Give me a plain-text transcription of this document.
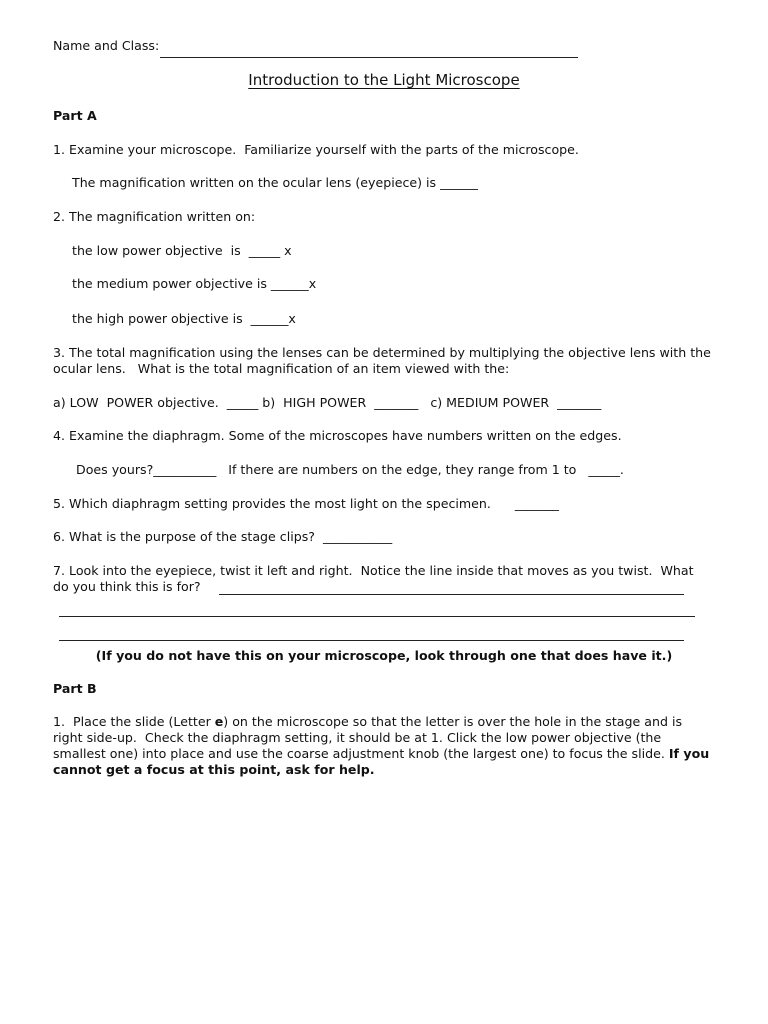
Name and Class:
Introduction to the Light Microscope
Part A
1. Examine your microscope.  Familiarize yourself with the parts of the microscope.
The magnification written on the ocular lens (eyepiece) is ______
2. The magnification written on:
the low power objective  is  _____ x
the medium power objective is ______x
the high power objective is  ______x
3. The total magnification using the lenses can be determined by multiplying the objective lens with the
ocular lens.   What is the total magnification of an item viewed with the:
a) LOW  POWER objective.  _____ b)  HIGH POWER  _______   c) MEDIUM POWER  _______
4. Examine the diaphragm. Some of the microscopes have numbers written on the edges.
Does yours?__________   If there are numbers on the edge, they range from 1 to   _____.
5. Which diaphragm setting provides the most light on the specimen.      _______
6. What is the purpose of the stage clips?  ___________
7. Look into the eyepiece, twist it left and right.  Notice the line inside that moves as you twist.  What
do you think this is for?
(If you do not have this on your microscope, look through one that does have it.)
Part B
1.  Place the slide (Letter e) on the microscope so that the letter is over the hole in the stage and is
right side-up.  Check the diaphragm setting, it should be at 1. Click the low power objective (the
smallest one) into place and use the coarse adjustment knob (the largest one) to focus the slide. If you
cannot get a focus at this point, ask for help.
